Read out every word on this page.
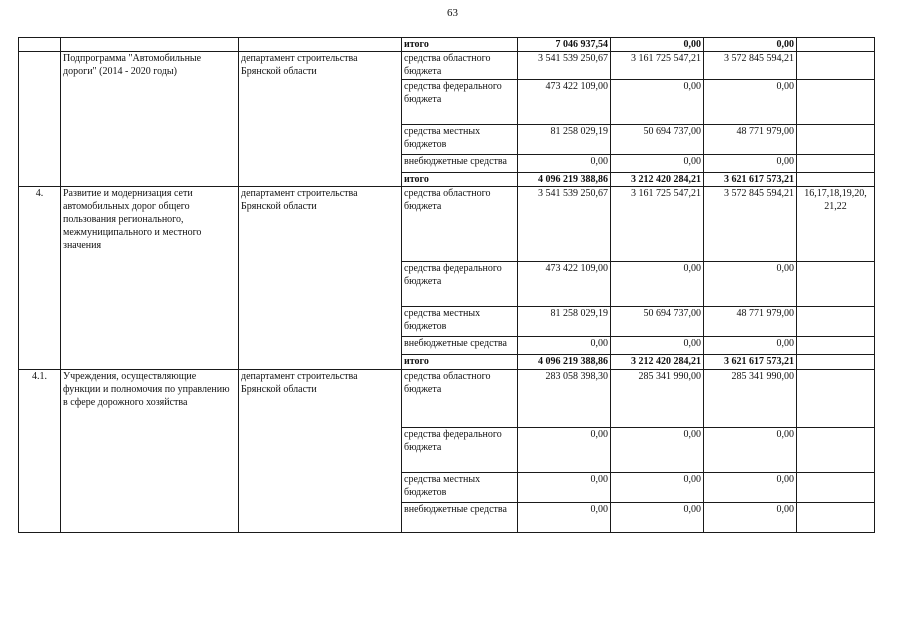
63
			итого	7 046 937,54	0,00	0,00	
	Подпрограмма "Автомобильные дороги" (2014 - 2020 годы)	департамент строительства Брянской области	средства областного бюджета	3 541 539 250,67	3 161 725 547,21	3 572 845 594,21	
			средства федерального бюджета	473 422 109,00	0,00	0,00	
			средства местных бюджетов	81 258 029,19	50 694 737,00	48 771 979,00	
			внебюджетные средства	0,00	0,00	0,00	
			итого	4 096 219 388,86	3 212 420 284,21	3 621 617 573,21	
4.	Развитие и модернизация сети автомобильных дорог общего пользования регионального, межмуниципального и местного значения	департамент строительства Брянской области	средства областного бюджета	3 541 539 250,67	3 161 725 547,21	3 572 845 594,21	16,17,18,19,20, 21,22
			средства федерального бюджета	473 422 109,00	0,00	0,00	
			средства местных бюджетов	81 258 029,19	50 694 737,00	48 771 979,00	
			внебюджетные средства	0,00	0,00	0,00	
			итого	4 096 219 388,86	3 212 420 284,21	3 621 617 573,21	
4.1.	Учреждения, осуществляющие функции и полномочия по управлению в сфере дорожного хозяйства	департамент строительства Брянской области	средства областного бюджета	283 058 398,30	285 341 990,00	285 341 990,00	
			средства федерального бюджета	0,00	0,00	0,00	
			средства местных бюджетов	0,00	0,00	0,00	
			внебюджетные средства	0,00	0,00	0,00	
